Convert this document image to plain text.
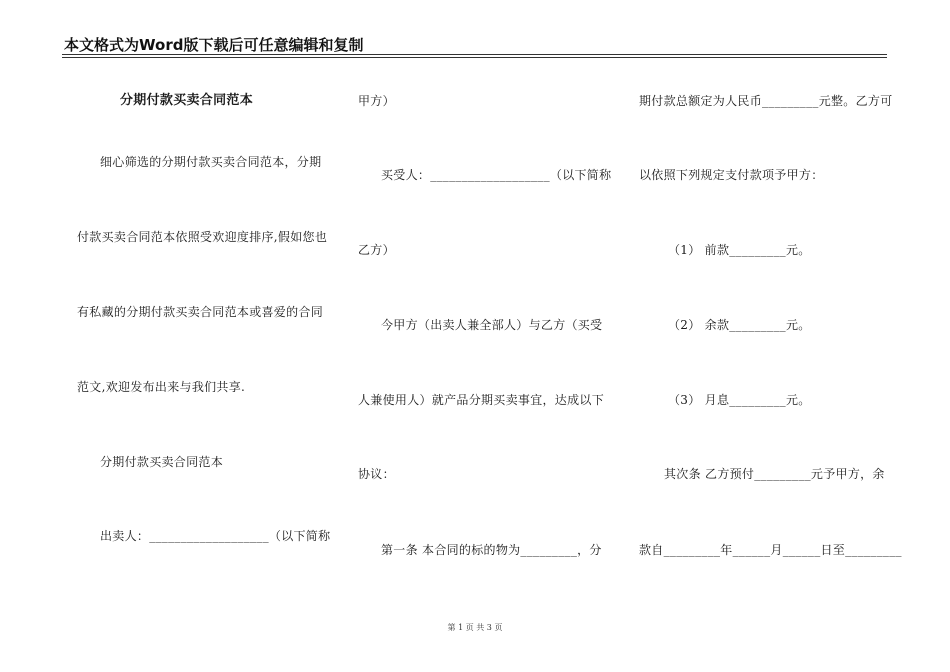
本文格式为Word版下载后可任意编辑和复制
分期付款买卖合同范本
细心筛选的分期付款买卖合同范本，分期
付款买卖合同范本依照受欢迎度排序,假如您也
有私藏的分期付款买卖合同范本或喜爱的合同
范文,欢迎发布出来与我们共享.
分期付款买卖合同范本
出卖人：___________________（以下简称
甲方）
买受人：___________________（以下简称
乙方）
今甲方（出卖人兼全部人）与乙方（买受
人兼使用人）就产品分期买卖事宜，达成以下
协议：
第一条 本合同的标的物为_________，分
期付款总额定为人民币_________元整。乙方可
以依照下列规定支付款项予甲方：
（1） 前款_________元。
（2） 余款_________元。
（3） 月息_________元。
其次条 乙方预付_________元予甲方，余
款自_________年______月______日至_________
第 1 页 共 3 页
